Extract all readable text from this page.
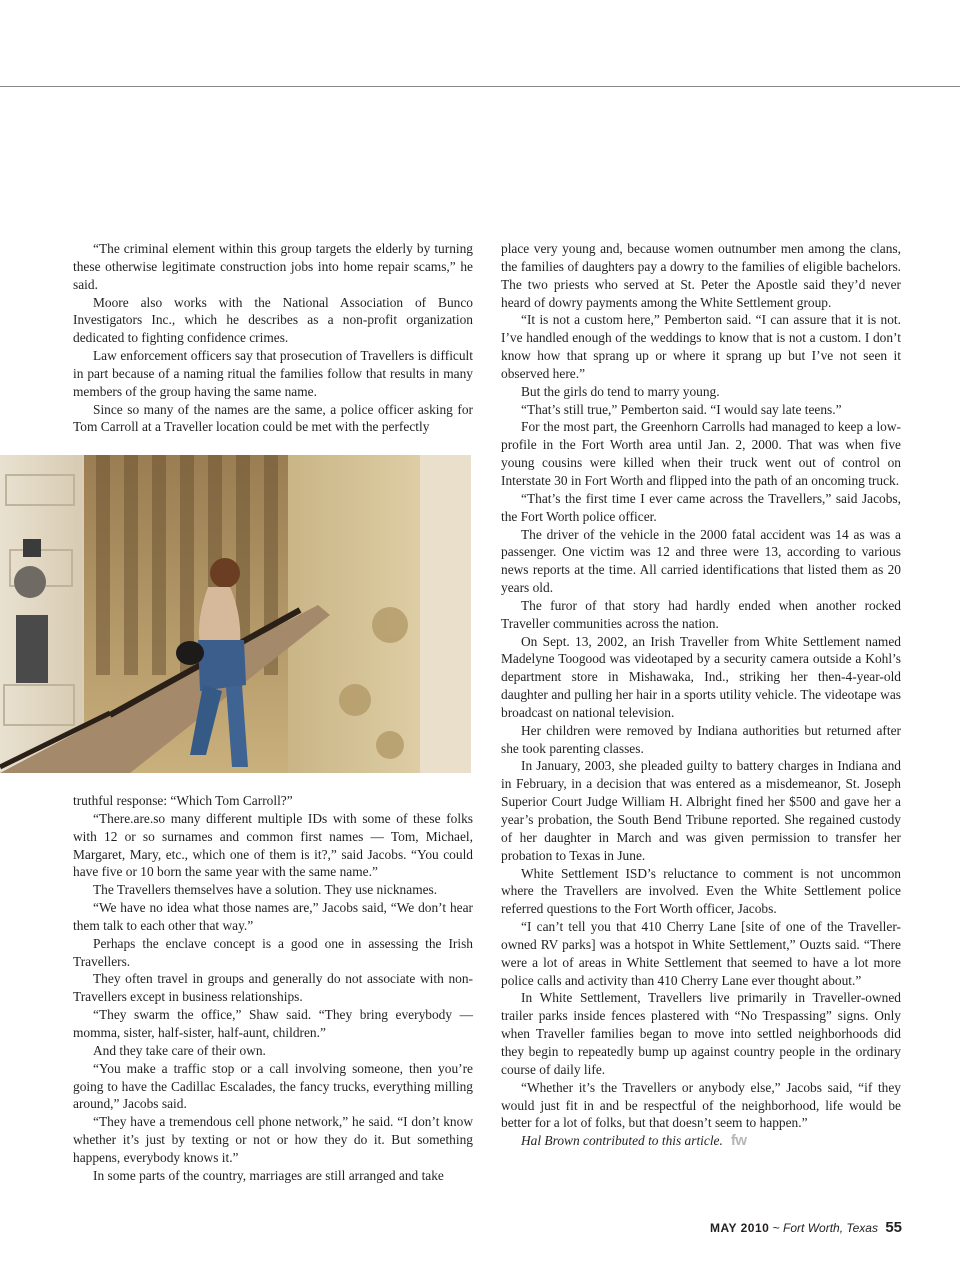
“The criminal element within this group targets the elderly by turning these otherwise legitimate construction jobs into home repair scams,” he said.

Moore also works with the National Association of Bunco Investigators Inc., which he describes as a non-profit organization dedicated to fighting confidence crimes.

Law enforcement officers say that prosecution of Travellers is difficult in part because of a naming ritual the families follow that results in many members of the group having the same name.

Since so many of the names are the same, a police officer asking for Tom Carroll at a Traveller location could be met with the perfectly

truthful response: “Which Tom Carroll?”

“There.are.so many different multiple IDs with some of these folks with 12 or so surnames and common first names — Tom, Michael, Margaret, Mary, etc., which one of them is it?,” said Jacobs. “You could have five or 10 born the same year with the same name.”

The Travellers themselves have a solution. They use nicknames.

“We have no idea what those names are,” Jacobs said, “We don’t hear them talk to each other that way.”

Perhaps the enclave concept is a good one in assessing the Irish Travellers.

They often travel in groups and generally do not associate with non-Travellers except in business relationships.

“They swarm the office,” Shaw said. “They bring everybody — momma, sister, half-sister, half-aunt, children.”

And they take care of their own.

“You make a traffic stop or a call involving someone, then you’re going to have the Cadillac Escalades, the fancy trucks, everything milling around,” Jacobs said.

“They have a tremendous cell phone network,” he said. “I don’t know whether it’s just by texting or not or how they do it. But something happens, everybody knows it.”

In some parts of the country, marriages are still arranged and take

place very young and, because women outnumber men among the clans, the families of daughters pay a dowry to the families of eligible bachelors. The two priests who served at St. Peter the Apostle said they’d never heard of dowry payments among the White Settlement group.

“It is not a custom here,” Pemberton said. “I can assure that it is not. I’ve handled enough of the weddings to know that is not a custom. I don’t know how that sprang up or where it sprang up but I’ve not seen it observed here.”

But the girls do tend to marry young.

“That’s still true,” Pemberton said. “I would say late teens.”

For the most part, the Greenhorn Carrolls had managed to keep a low-profile in the Fort Worth area until Jan. 2, 2000. That was when five young cousins were killed when their truck went out of control on Interstate 30 in Fort Worth and flipped into the path of an oncoming truck.

“That’s the first time I ever came across the Travellers,” said Jacobs, the Fort Worth police officer.

The driver of the vehicle in the 2000 fatal accident was 14 as was a passenger. One victim was 12 and three were 13, according to various news reports at the time. All carried identifications that listed them as 20 years old.

The furor of that story had hardly ended when another rocked Traveller communities across the nation.

On Sept. 13, 2002, an Irish Traveller from White Settlement named Madelyne Toogood was videotaped by a security camera outside a Kohl’s department store in Mishawaka, Ind., striking her then-4-year-old daughter and pulling her hair in a sports utility vehicle. The videotape was broadcast on national television.

Her children were removed by Indiana authorities but returned after she took parenting classes.

In January, 2003, she pleaded guilty to battery charges in Indiana and in February, in a decision that was entered as a misdemeanor, St. Joseph Superior Court Judge William H. Albright fined her $500 and gave her a year’s probation, the South Bend Tribune reported. She regained custody of her daughter in March and was given permission to transfer her probation to Texas in June.

White Settlement ISD’s reluctance to comment is not uncommon where the Travellers are involved. Even the White Settlement police referred questions to the Fort Worth officer, Jacobs.

“I can’t tell you that 410 Cherry Lane [site of one of the Traveller-owned RV parks] was a hotspot in White Settlement,” Ouzts said. “There were a lot of areas in White Settlement that seemed to have a lot more police calls and activity than 410 Cherry Lane ever thought about.”

In White Settlement, Travellers live primarily in Traveller-owned trailer parks inside fences plastered with “No Trespassing” signs. Only when Traveller families began to move into settled neighborhoods did they begin to repeatedly bump up against country people in the ordinary course of daily life.

“Whether it’s the Travellers or anybody else,” Jacobs said, “if they would just fit in and be respectful of the neighborhood, life would be better for a lot of folks, but that doesn’t seem to happen.”

Hal Brown contributed to this article. fw

MAY 2010 ~ Fort Worth, Texas 55
